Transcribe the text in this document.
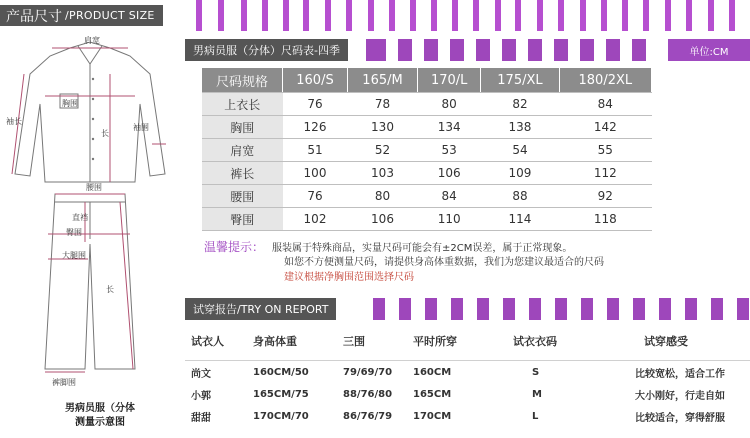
产品尺寸 /PRODUCT SIZE
肩宽
胸围
袖长
长
袖围
腰围
直裆
臀围
大腿围
长
裤脚围
男病员服（分体
测量示意图
男病员服（分体）尺码表-四季	单位:CM
尺码规格	160/S	165/M	170/L	175/XL	180/2XL
上衣长	76	78	80	82	84
胸围	126	130	134	138	142
肩宽	51	52	53	54	55
裤长	100	103	106	109	112
腰围	76	80	84	88	92
臀围	102	106	110	114	118
温馨提示： 服装属于特殊商品，实量尺码可能会有±2CM误差，属于正常现象。
如您不方便测量尺码，请提供身高体重数据，我们为您建议最适合的尺码
建议根据净胸围范围选择尺码
试穿报告/TRY ON REPORT
试衣人	身高体重	三围	平时所穿	试衣衣码	试穿感受
尚文	160CM/50	79/69/70	160CM	S	比较宽松，适合工作
小郭	165CM/75	88/76/80	165CM	M	大小刚好，行走自如
甜甜	170CM/70	86/76/79	170CM	L	比较适合，穿得舒服
